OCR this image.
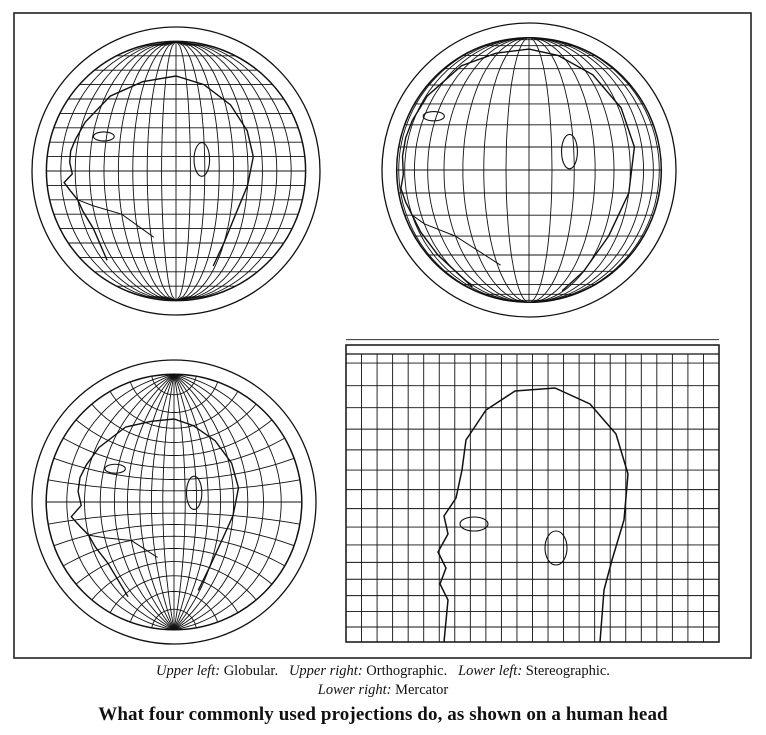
Upper left: Globular. Upper right: Orthographic. Lower left: Stereographic.

Lower right: Mercator

What four commonly used projections do, as shown on a human head
